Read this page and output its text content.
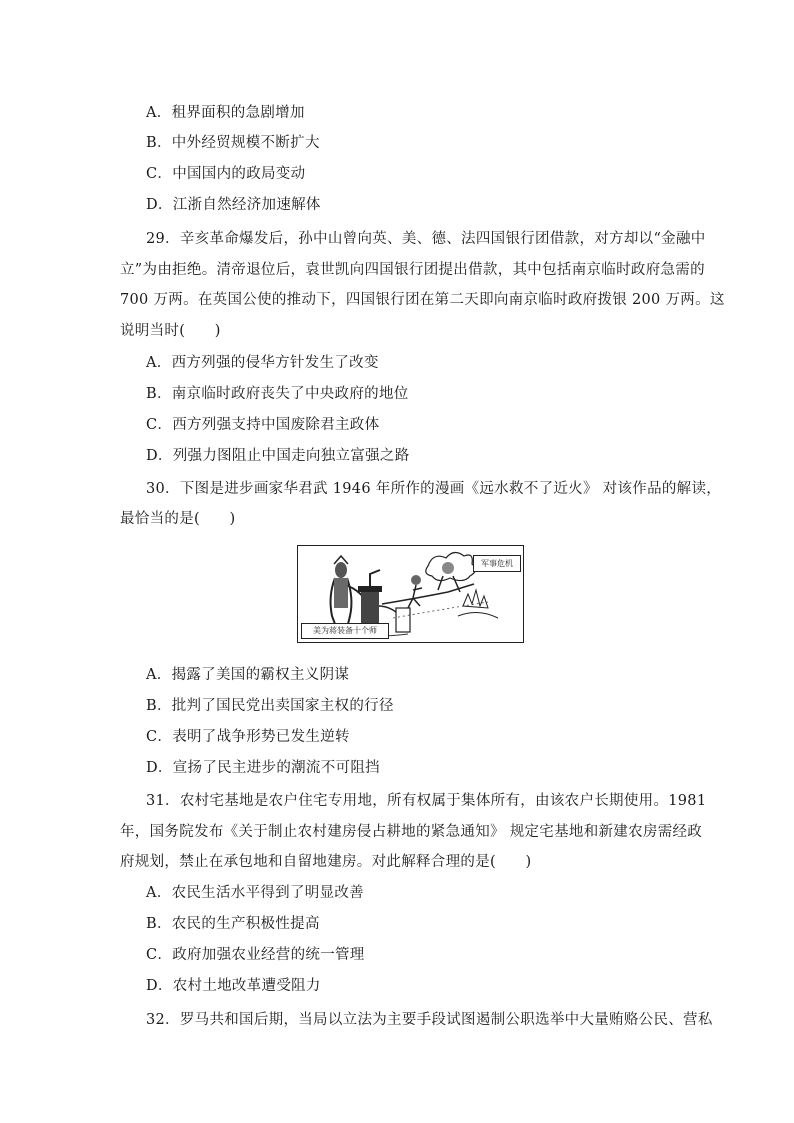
A．租界面积的急剧增加
B．中外经贸规模不断扩大
C．中国国内的政局变动
D．江浙自然经济加速解体
29．辛亥革命爆发后，孙中山曾向英、美、德、法四国银行团借款，对方却以“金融中
立”为由拒绝。清帝退位后，袁世凯向四国银行团提出借款，其中包括南京临时政府急需的
700 万两。在英国公使的推动下，四国银行团在第二天即向南京临时政府拨银 200 万两。这
说明当时(　　)
A．西方列强的侵华方针发生了改变
B．南京临时政府丧失了中央政府的地位
C．西方列强支持中国废除君主政体
D．列强力图阻止中国走向独立富强之路
30．下图是进步画家华君武 1946 年所作的漫画《远水救不了近火》 对该作品的解读，
最恰当的是(　　)
美为蒋装备十个师
军事危机
A．揭露了美国的霸权主义阴谋
B．批判了国民党出卖国家主权的行径
C．表明了战争形势已发生逆转
D．宣扬了民主进步的潮流不可阻挡
31．农村宅基地是农户住宅专用地，所有权属于集体所有，由该农户长期使用。1981
年，国务院发布《关于制止农村建房侵占耕地的紧急通知》 规定宅基地和新建农房需经政
府规划，禁止在承包地和自留地建房。对此解释合理的是(　　)
A．农民生活水平得到了明显改善
B．农民的生产积极性提高
C．政府加强农业经营的统一管理
D．农村土地改革遭受阻力
32．罗马共和国后期，当局以立法为主要手段试图遏制公职选举中大量贿赂公民、营私
